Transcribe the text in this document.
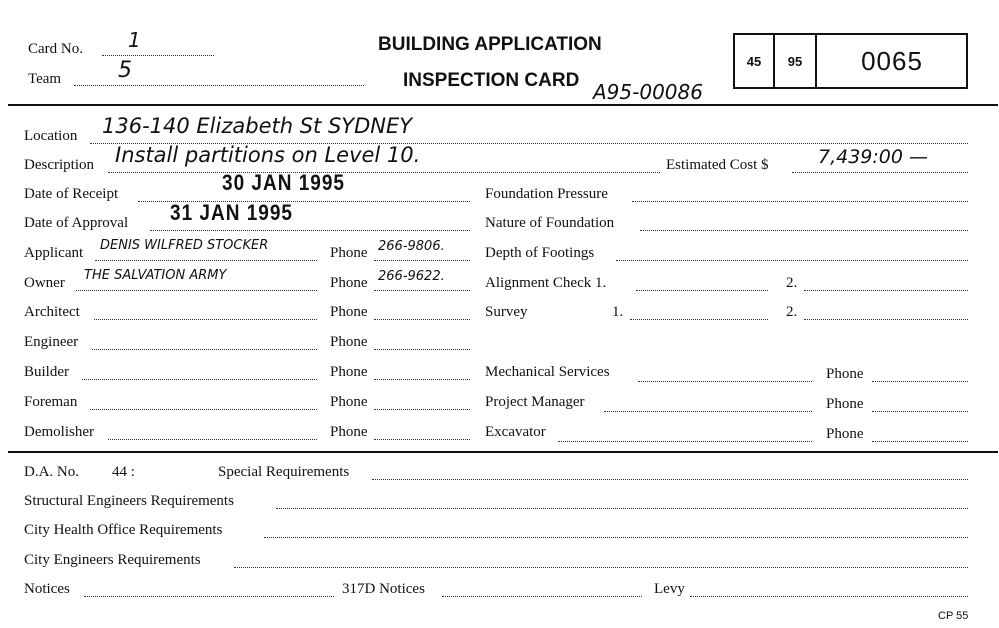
Card No. 1
Team	5
BUILDING APPLICATION
INSPECTION CARD A95-00086
45	95	0065
Location 136-140 Elizabeth St SYDNEY
Description Install partitions on Level 10.
Date of Receipt	30 JAN 1995
Date of Approval 31 JAN 1995
Applicant DENIS WILFRED STOCKER	Phone 266-9806.
Owner THE SALVATION ARMY	Phone 266-9622.
Architect	Phone
Engineer	Phone
Builder	Phone
Foreman	Phone
Demolisher	Phone
Estimated Cost $	7,439:00 —
Foundation Pressure
Nature of Foundation
Depth of Footings
Alignment Check 1.	2.
Survey	1.	2.
Mechanical Services	Phone
Project Manager	Phone
Excavator	Phone
D.A. No. 44 :	Special Requirements
Structural Engineers Requirements
City Health Office Requirements
City Engineers Requirements
Notices	317D Notices	Levy
CP 55
